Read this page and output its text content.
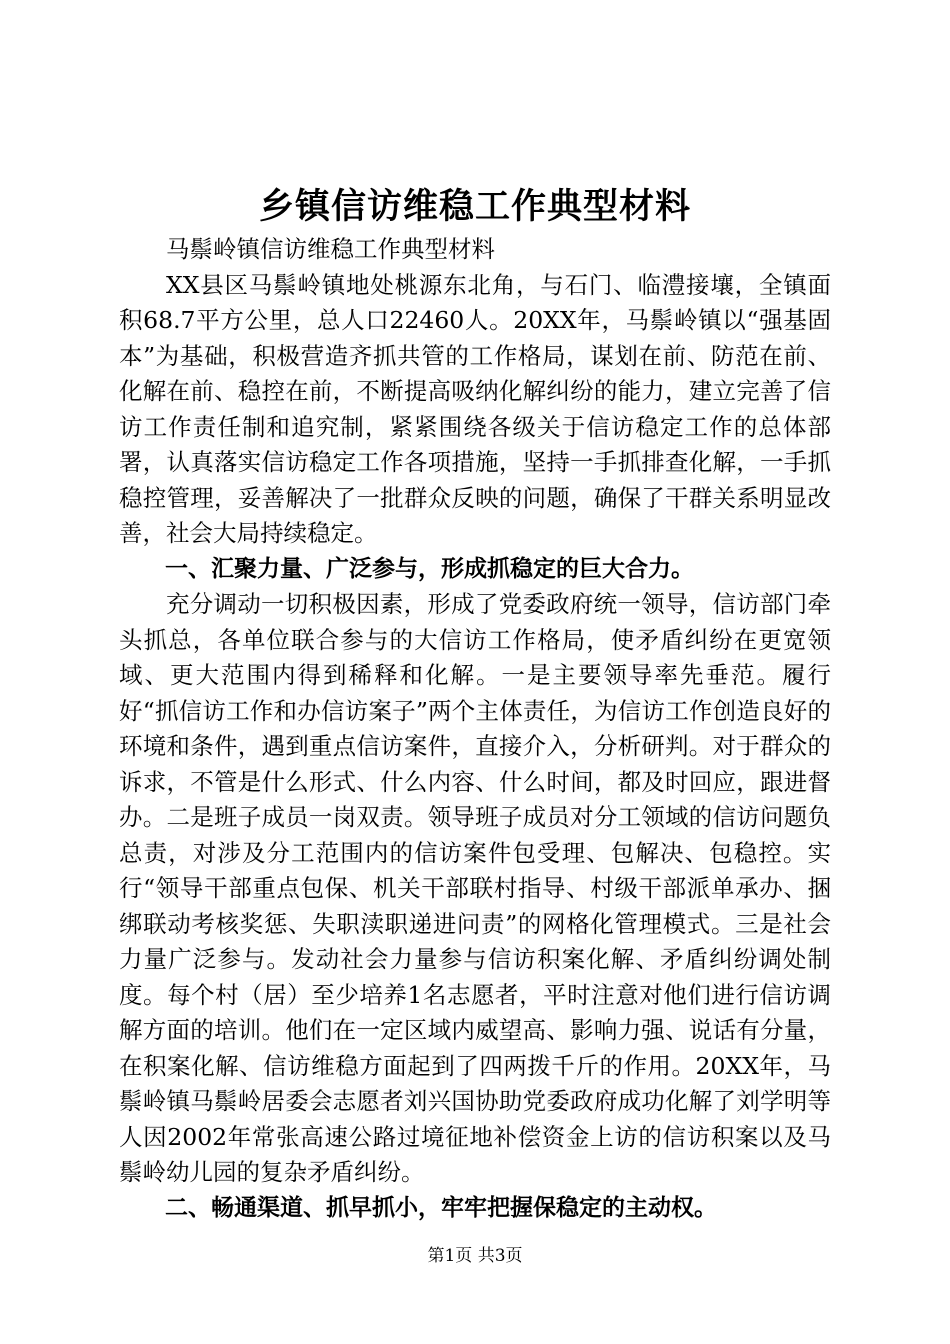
乡镇信访维稳工作典型材料

马鬃岭镇信访维稳工作典型材料

XX县区马鬃岭镇地处桃源东北角，与石门、临澧接壤，全镇面积68.7平方公里，总人口22460人。20XX年，马鬃岭镇以“强基固本”为基础，积极营造齐抓共管的工作格局，谋划在前、防范在前、化解在前、稳控在前，不断提高吸纳化解纠纷的能力，建立完善了信访工作责任制和追究制，紧紧围绕各级关于信访稳定工作的总体部署，认真落实信访稳定工作各项措施，坚持一手抓排查化解，一手抓稳控管理，妥善解决了一批群众反映的问题，确保了干群关系明显改善，社会大局持续稳定。

一、汇聚力量、广泛参与，形成抓稳定的巨大合力。

充分调动一切积极因素，形成了党委政府统一领导，信访部门牵头抓总，各单位联合参与的大信访工作格局，使矛盾纠纷在更宽领域、更大范围内得到稀释和化解。一是主要领导率先垂范。履行好“抓信访工作和办信访案子”两个主体责任，为信访工作创造良好的环境和条件，遇到重点信访案件，直接介入，分析研判。对于群众的诉求，不管是什么形式、什么内容、什么时间，都及时回应，跟进督办。二是班子成员一岗双责。领导班子成员对分工领域的信访问题负总责，对涉及分工范围内的信访案件包受理、包解决、包稳控。实行“领导干部重点包保、机关干部联村指导、村级干部派单承办、捆绑联动考核奖惩、失职渎职递进问责”的网格化管理模式。三是社会力量广泛参与。发动社会力量参与信访积案化解、矛盾纠纷调处制度。每个村（居）至少培养1名志愿者，平时注意对他们进行信访调解方面的培训。他们在一定区域内威望高、影响力强、说话有分量，在积案化解、信访维稳方面起到了四两拨千斤的作用。20XX年，马鬃岭镇马鬃岭居委会志愿者刘兴国协助党委政府成功化解了刘学明等人因2002年常张高速公路过境征地补偿资金上访的信访积案以及马鬃岭幼儿园的复杂矛盾纠纷。

二、畅通渠道、抓早抓小，牢牢把握保稳定的主动权。

第1页 共3页
